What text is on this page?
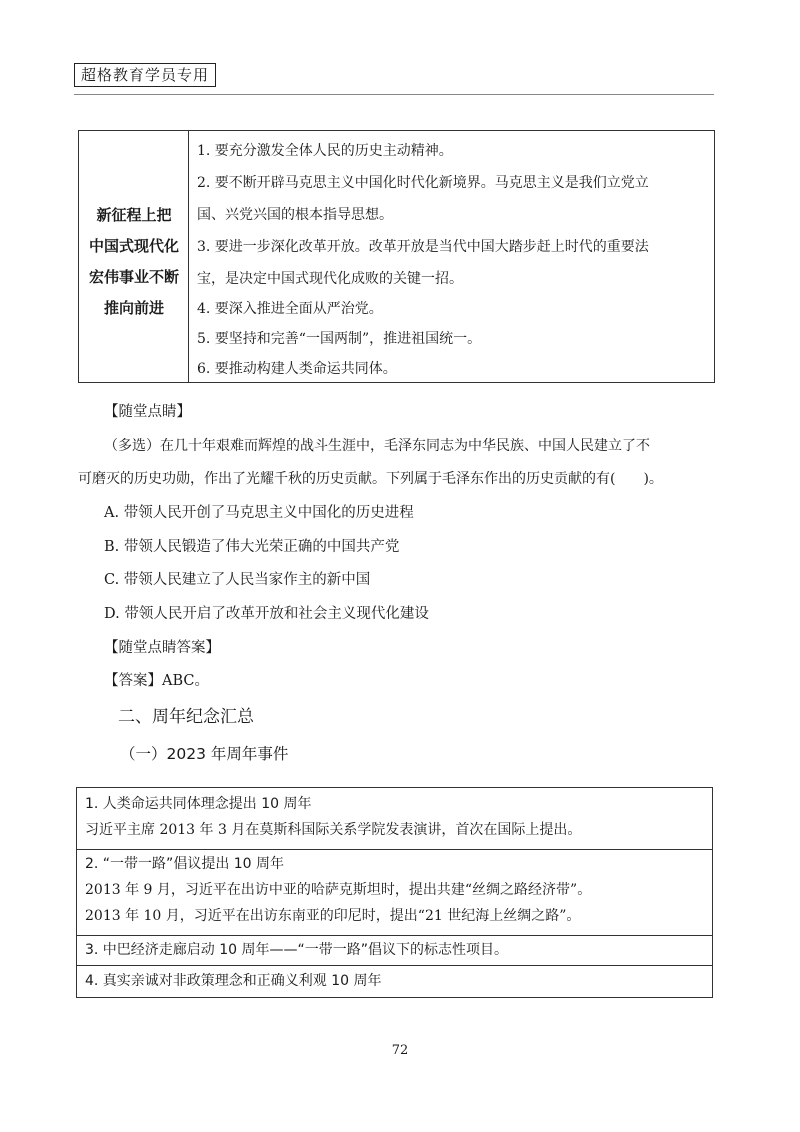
超格教育学员专用
新征程上把
中国式现代化
宏伟事业不断
推向前进
1. 要充分激发全体人民的历史主动精神。
2. 要不断开辟马克思主义中国化时代化新境界。马克思主义是我们立党立
国、兴党兴国的根本指导思想。
3. 要进一步深化改革开放。改革开放是当代中国大踏步赶上时代的重要法
宝，是决定中国式现代化成败的关键一招。
4. 要深入推进全面从严治党。
5. 要坚持和完善“一国两制”，推进祖国统一。
6. 要推动构建人类命运共同体。
【随堂点睛】
（多选）在几十年艰难而辉煌的战斗生涯中，毛泽东同志为中华民族、中国人民建立了不
可磨灭的历史功勋，作出了光耀千秋的历史贡献。下列属于毛泽东作出的历史贡献的有(　　)。
A. 带领人民开创了马克思主义中国化的历史进程
B. 带领人民锻造了伟大光荣正确的中国共产党
C. 带领人民建立了人民当家作主的新中国
D. 带领人民开启了改革开放和社会主义现代化建设
【随堂点睛答案】
【答案】ABC。
二、周年纪念汇总
（一）2023 年周年事件
1. 人类命运共同体理念提出 10 周年
习近平主席 2013 年 3 月在莫斯科国际关系学院发表演讲，首次在国际上提出。
2. “一带一路”倡议提出 10 周年
2013 年 9 月，习近平在出访中亚的哈萨克斯坦时，提出共建“丝绸之路经济带”。
2013 年 10 月，习近平在出访东南亚的印尼时，提出“21 世纪海上丝绸之路”。
3. 中巴经济走廊启动 10 周年——“一带一路”倡议下的标志性项目。
4. 真实亲诚对非政策理念和正确义利观 10 周年
72
